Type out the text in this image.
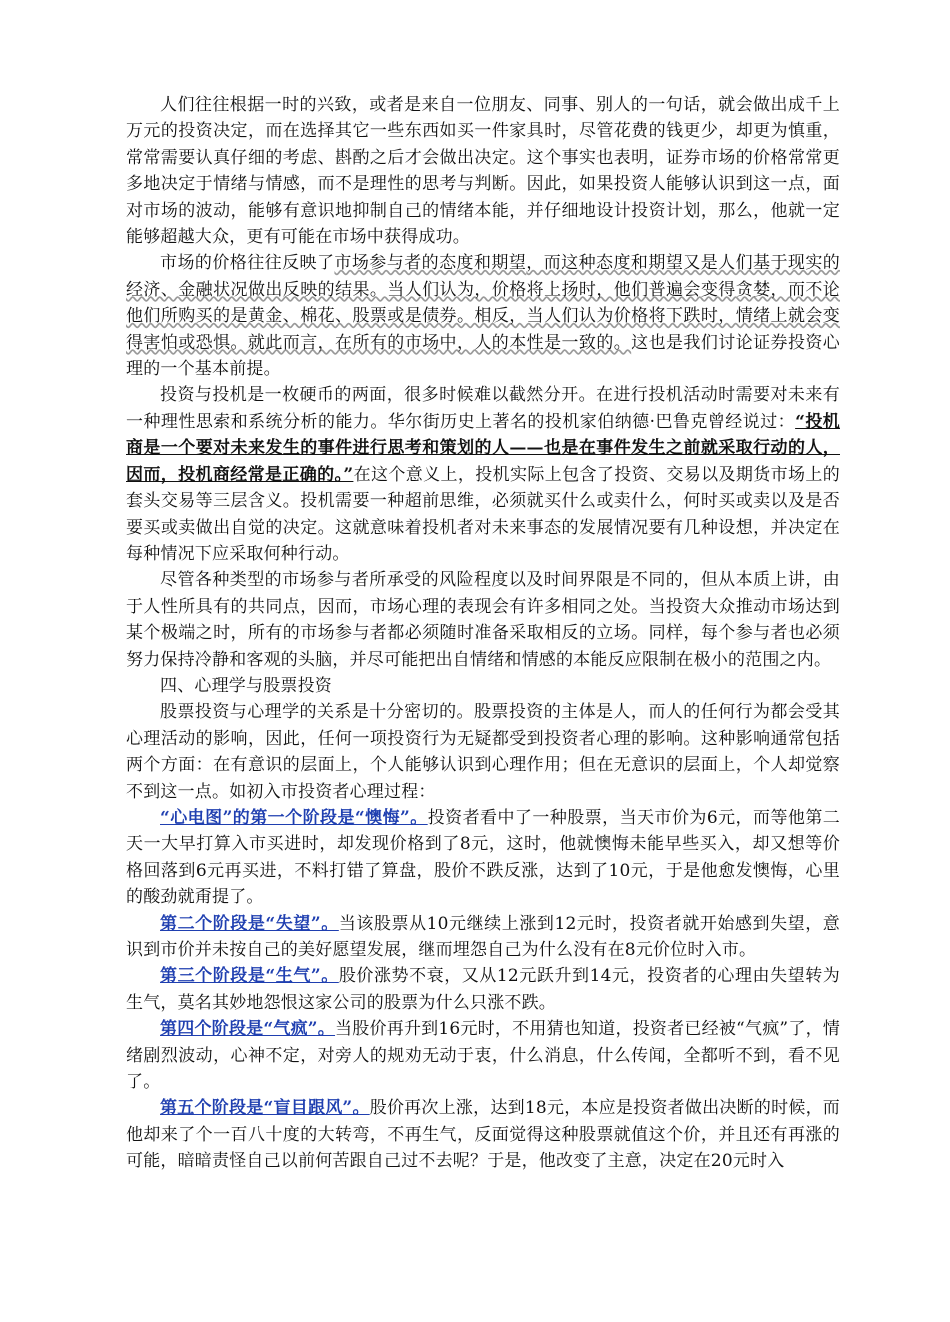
人们往往根据一时的兴致，或者是来自一位朋友、同事、别人的一句话，就会做出成千上万元的投资决定，而在选择其它一些东西如买一件家具时，尽管花费的钱更少，却更为慎重，常常需要认真仔细的考虑、斟酌之后才会做出决定。这个事实也表明，证券市场的价格常常更多地决定于情绪与情感，而不是理性的思考与判断。因此，如果投资人能够认识到这一点，面对市场的波动，能够有意识地抑制自己的情绪本能，并仔细地设计投资计划，那么，他就一定能够超越大众，更有可能在市场中获得成功。

市场的价格往往反映了市场参与者的态度和期望，而这种态度和期望又是人们基于现实的经济、金融状况做出反映的结果。当人们认为，价格将上扬时，他们普遍会变得贪婪，而不论他们所购买的是黄金、棉花、股票或是债券。相反，当人们认为价格将下跌时，情绪上就会变得害怕或恐惧。就此而言，在所有的市场中，人的本性是一致的。这也是我们讨论证券投资心理的一个基本前提。

投资与投机是一枚硬币的两面，很多时候难以截然分开。在进行投机活动时需要对未来有一种理性思索和系统分析的能力。华尔街历史上著名的投机家伯纳德·巴鲁克曾经说过：“投机商是一个要对未来发生的事件进行思考和策划的人——也是在事件发生之前就采取行动的人，因而，投机商经常是正确的。”在这个意义上，投机实际上包含了投资、交易以及期货市场上的套头交易等三层含义。投机需要一种超前思维，必须就买什么或卖什么，何时买或卖以及是否要买或卖做出自觉的决定。这就意味着投机者对未来事态的发展情况要有几种设想，并决定在每种情况下应采取何种行动。

尽管各种类型的市场参与者所承受的风险程度以及时间界限是不同的，但从本质上讲，由于人性所具有的共同点，因而，市场心理的表现会有许多相同之处。当投资大众推动市场达到某个极端之时，所有的市场参与者都必须随时准备采取相反的立场。同样，每个参与者也必须努力保持冷静和客观的头脑，并尽可能把出自情绪和情感的本能反应限制在极小的范围之内。

四、心理学与股票投资

股票投资与心理学的关系是十分密切的。股票投资的主体是人，而人的任何行为都会受其心理活动的影响，因此，任何一项投资行为无疑都受到投资者心理的影响。这种影响通常包括两个方面：在有意识的层面上，个人能够认识到心理作用；但在无意识的层面上，个人却觉察不到这一点。如初入市投资者心理过程：

“心电图”的第一个阶段是“懊悔”。投资者看中了一种股票，当天市价为6元，而等他第二天一大早打算入市买进时，却发现价格到了8元，这时，他就懊悔未能早些买入，却又想等价格回落到6元再买进，不料打错了算盘，股价不跌反涨，达到了10元，于是他愈发懊悔，心里的酸劲就甭提了。

第二个阶段是“失望”。当该股票从10元继续上涨到12元时，投资者就开始感到失望，意识到市价并未按自己的美好愿望发展，继而埋怨自己为什么没有在8元价位时入市。

第三个阶段是“生气”。股价涨势不衰，又从12元跃升到14元，投资者的心理由失望转为生气，莫名其妙地怨恨这家公司的股票为什么只涨不跌。

第四个阶段是“气疯”。当股价再升到16元时，不用猜也知道，投资者已经被“气疯”了，情绪剧烈波动，心神不定，对旁人的规劝无动于衷，什么消息，什么传闻，全都听不到，看不见了。

第五个阶段是“盲目跟风”。股价再次上涨，达到18元，本应是投资者做出决断的时候，而他却来了个一百八十度的大转弯，不再生气，反面觉得这种股票就值这个价，并且还有再涨的可能，暗暗责怪自己以前何苦跟自己过不去呢？于是，他改变了主意，决定在20元时入
